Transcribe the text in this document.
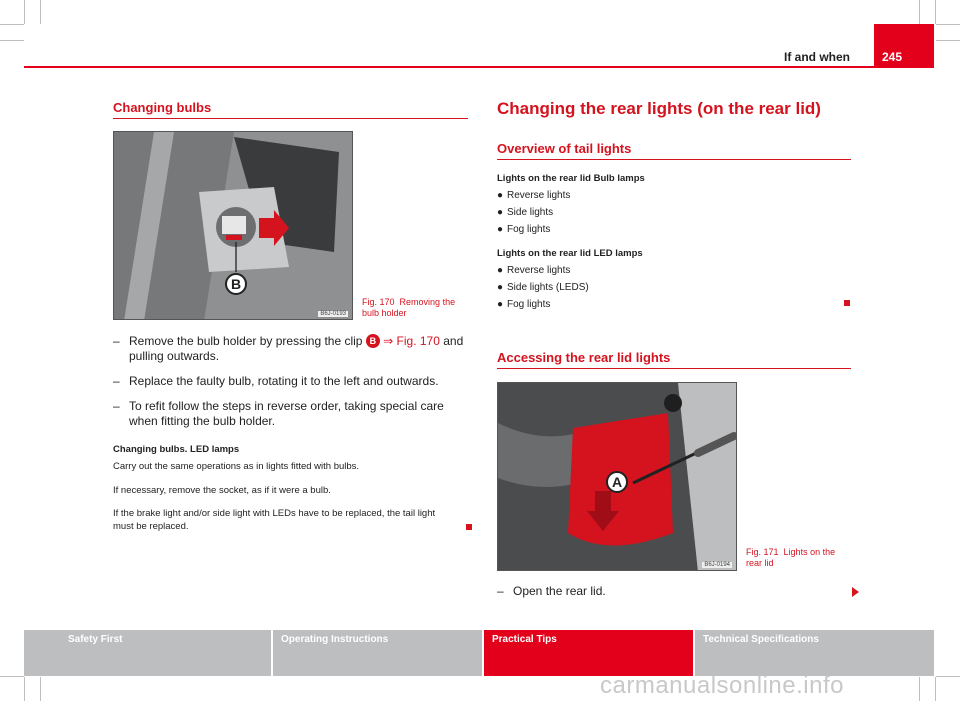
If and when	245
Changing bulbs
B
B6J-0193
Fig. 170 Removing the bulb holder
– Remove the bulb holder by pressing the clip B ⇒ Fig. 170 and pulling outwards.
– Replace the faulty bulb, rotating it to the left and outwards.
– To refit follow the steps in reverse order, taking special care when fitting the bulb holder.
Changing bulbs. LED lamps
Carry out the same operations as in lights fitted with bulbs.
If necessary, remove the socket, as if it were a bulb.
If the brake light and/or side light with LEDs have to be replaced, the tail light must be replaced.
Changing the rear lights (on the rear lid)
Overview of tail lights
Lights on the rear lid Bulb lamps
● Reverse lights
● Side lights
● Fog lights
Lights on the rear lid LED lamps
● Reverse lights
● Side lights (LEDS)
● Fog lights
Accessing the rear lid lights
A
B6J-0194
Fig. 171 Lights on the rear lid
– Open the rear lid.
Safety First	Operating Instructions	Practical Tips	Technical Specifications
carmanualsonline.info
